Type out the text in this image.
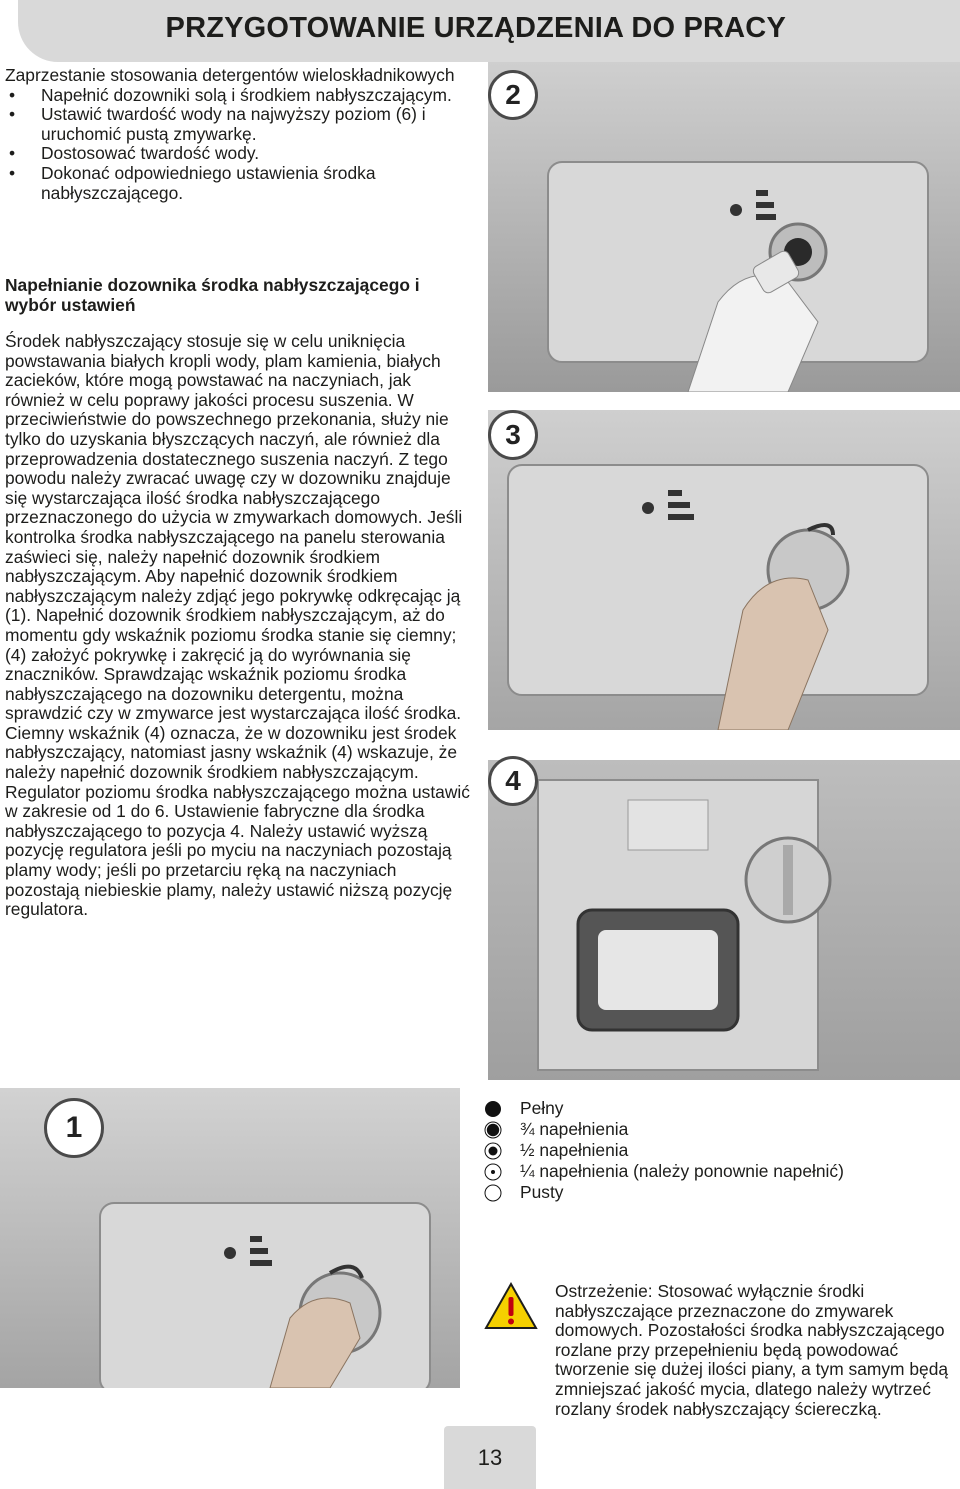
PRZYGOTOWANIE URZĄDZENIA DO PRACY
Zaprzestanie stosowania detergentów wieloskładnikowych
• Napełnić dozowniki solą i środkiem nabłyszczającym.
• Ustawić twardość wody na najwyższy poziom (6) i uruchomić pustą zmywarkę.
• Dostosować twardość wody.
• Dokonać odpowiedniego ustawienia środka nabłyszczającego.
Napełnianie dozownika środka nabłyszczającego i wybór ustawień
Środek nabłyszczający stosuje się w celu uniknięcia powstawania białych kropli wody, plam kamienia, białych zacieków, które mogą powstawać na naczyniach, jak również w celu poprawy jakości procesu suszenia. W przeciwieństwie do powszechnego przekonania, służy nie tylko do uzyskania błyszczących naczyń, ale również dla przeprowadzenia dostatecznego suszenia naczyń. Z tego powodu należy zwracać uwagę czy w dozowniku znajduje się wystarczająca ilość środka nabłyszczającego przeznaczonego do użycia w zmywarkach domowych. Jeśli kontrolka środka nabłyszczającego na panelu sterowania zaświeci się, należy napełnić dozownik środkiem nabłyszczającym. Aby napełnić dozownik środkiem nabłyszczającym należy zdjąć jego pokrywkę odkręcając ją (1). Napełnić dozownik środkiem nabłyszczającym, aż do momentu gdy wskaźnik poziomu środka stanie się ciemny; (4) założyć pokrywkę i zakręcić ją do wyrównania się znaczników. Sprawdzając wskaźnik poziomu środka nabłyszczającego na dozowniku detergentu, można sprawdzić czy w zmywarce jest wystarczająca ilość środka. Ciemny wskaźnik (4) oznacza, że w dozowniku jest środek nabłyszczający, natomiast jasny wskaźnik (4) wskazuje, że należy napełnić dozownik środkiem nabłyszczającym. Regulator poziomu środka nabłyszczającego można ustawić w zakresie od 1 do 6. Ustawienie fabryczne dla środka nabłyszczającego to pozycja 4. Należy ustawić wyższą pozycję regulatora jeśli po myciu na naczyniach pozostają plamy wody; jeśli po przetarciu ręką na naczyniach pozostają niebieskie plamy, należy ustawić niższą pozycję regulatora.
2
3
4
1
Pełny
¾ napełnienia
½ napełnienia
¼ napełnienia (należy ponownie napełnić)
Pusty
Ostrzeżenie: Stosować wyłącznie środki nabłyszczające przeznaczone do zmywarek domowych. Pozostałości środka nabłyszczającego rozlane przy przepełnieniu będą powodować tworzenie się dużej ilości piany, a tym samym będą zmniejszać jakość mycia, dlatego należy wytrzeć rozlany środek nabłyszczający ściereczką.
13
